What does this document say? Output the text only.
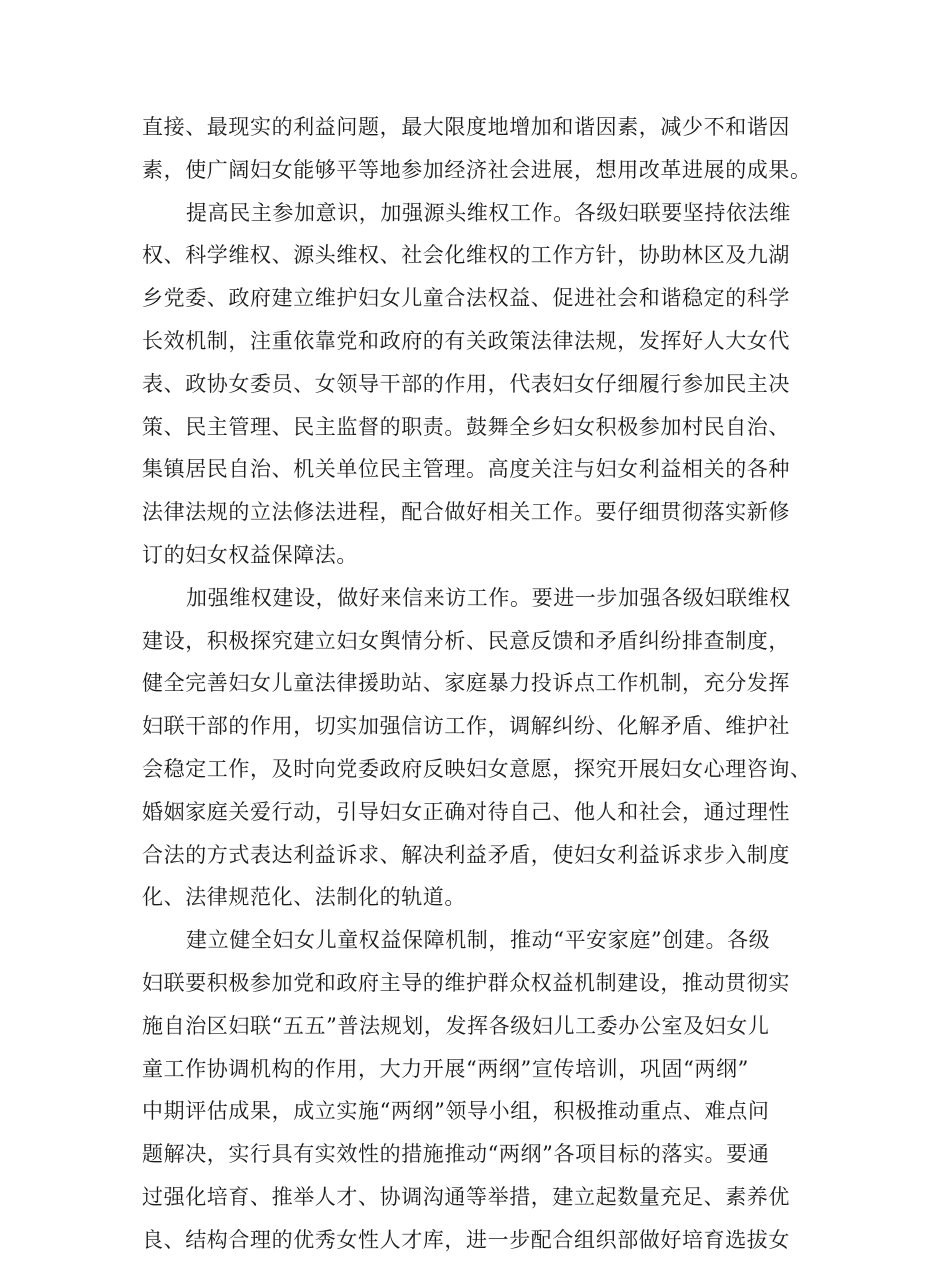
直接、最现实的利益问题，最大限度地增加和谐因素，减少不和谐因
素，使广阔妇女能够平等地参加经济社会进展，想用改革进展的成果。
提高民主参加意识，加强源头维权工作。各级妇联要坚持依法维
权、科学维权、源头维权、社会化维权的工作方针，协助林区及九湖
乡党委、政府建立维护妇女儿童合法权益、促进社会和谐稳定的科学
长效机制，注重依靠党和政府的有关政策法律法规，发挥好人大女代
表、政协女委员、女领导干部的作用，代表妇女仔细履行参加民主决
策、民主管理、民主监督的职责。鼓舞全乡妇女积极参加村民自治、
集镇居民自治、机关单位民主管理。高度关注与妇女利益相关的各种
法律法规的立法修法进程，配合做好相关工作。要仔细贯彻落实新修
订的妇女权益保障法。
加强维权建设，做好来信来访工作。要进一步加强各级妇联维权
建设，积极探究建立妇女舆情分析、民意反馈和矛盾纠纷排查制度，
健全完善妇女儿童法律援助站、家庭暴力投诉点工作机制，充分发挥
妇联干部的作用，切实加强信访工作，调解纠纷、化解矛盾、维护社
会稳定工作，及时向党委政府反映妇女意愿，探究开展妇女心理咨询、
婚姻家庭关爱行动，引导妇女正确对待自己、他人和社会，通过理性
合法的方式表达利益诉求、解决利益矛盾，使妇女利益诉求步入制度
化、法律规范化、法制化的轨道。
建立健全妇女儿童权益保障机制，推动“平安家庭”创建。各级
妇联要积极参加党和政府主导的维护群众权益机制建设，推动贯彻实
施自治区妇联“五五”普法规划，发挥各级妇儿工委办公室及妇女儿
童工作协调机构的作用，大力开展“两纲”宣传培训，巩固“两纲”
中期评估成果，成立实施“两纲”领导小组，积极推动重点、难点问
题解决，实行具有实效性的措施推动“两纲”各项目标的落实。要通
过强化培育、推举人才、协调沟通等举措，建立起数量充足、素养优
良、结构合理的优秀女性人才库，进一步配合组织部做好培育选拔女
